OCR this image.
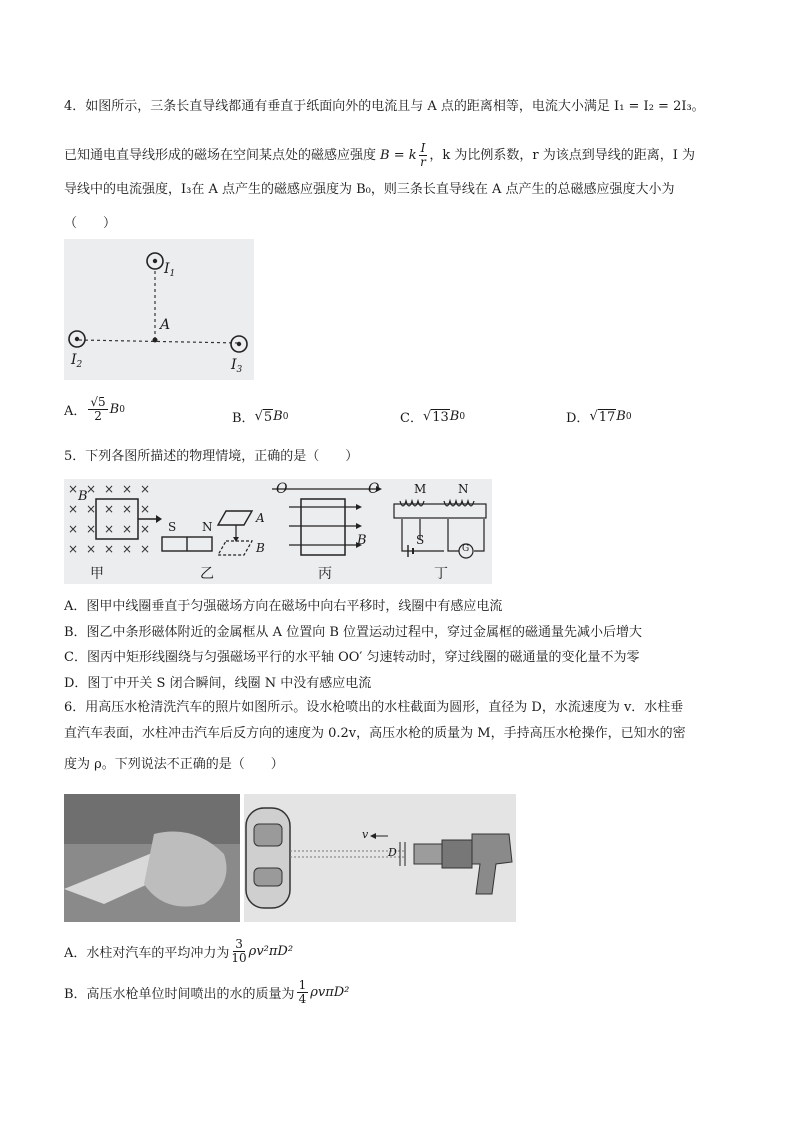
4．如图所示，三条长直导线都通有垂直于纸面向外的电流且与 A 点的距离相等，电流大小满足 I₁ = I₂ = 2I₃。
已知通电直导线形成的磁场在空间某点处的磁感应强度 B = k $\frac{I}{r}$ ，k 为比例系数，r 为该点到导线的距离，I 为
导线中的电流强度，I₃在 A 点产生的磁感应强度为 B₀，则三条长直导线在 A 点产生的总磁感应强度大小为
（　　）
$I_1$
$I_2$	$I_3$
A
A． $\frac{√5}{2}$ B 0
B． √ 5 B 0	C． √ 13 B 0	D． √ 17 B 0
5．下列各图所描述的物理情境，正确的是（　　）
× × × × ×
× × × × ×
× × × × ×
× × × × ×
B
甲
S N
A
B
乙
O	O
B
丙
M	N
S
G
丁
A．图甲中线圈垂直于匀强磁场方向在磁场中向右平移时，线圈中有感应电流
B．图乙中条形磁体附近的金属框从 A 位置向 B 位置运动过程中，穿过金属框的磁通量先减小后增大
C．图丙中矩形线圈绕与匀强磁场平行的水平轴 OO′ 匀速转动时，穿过线圈的磁通量的变化量不为零
D．图丁中开关 S 闭合瞬间，线圈 N 中没有感应电流
6．用高压水枪清洗汽车的照片如图所示。设水枪喷出的水柱截面为圆形，直径为 D，水流速度为 v．水柱垂
直汽车表面，水柱冲击汽车后反方向的速度为 0.2v，高压水枪的质量为 M，手持高压水枪操作，已知水的密
度为 ρ。下列说法不正确的是（　　）
v
D
A．水柱对汽车的平均冲力为 $\frac{3}{10} \rho v^2\pi D^2$
B．高压水枪单位时间喷出的水的质量为 $\frac{1}{4} \rho v\pi D^2$
